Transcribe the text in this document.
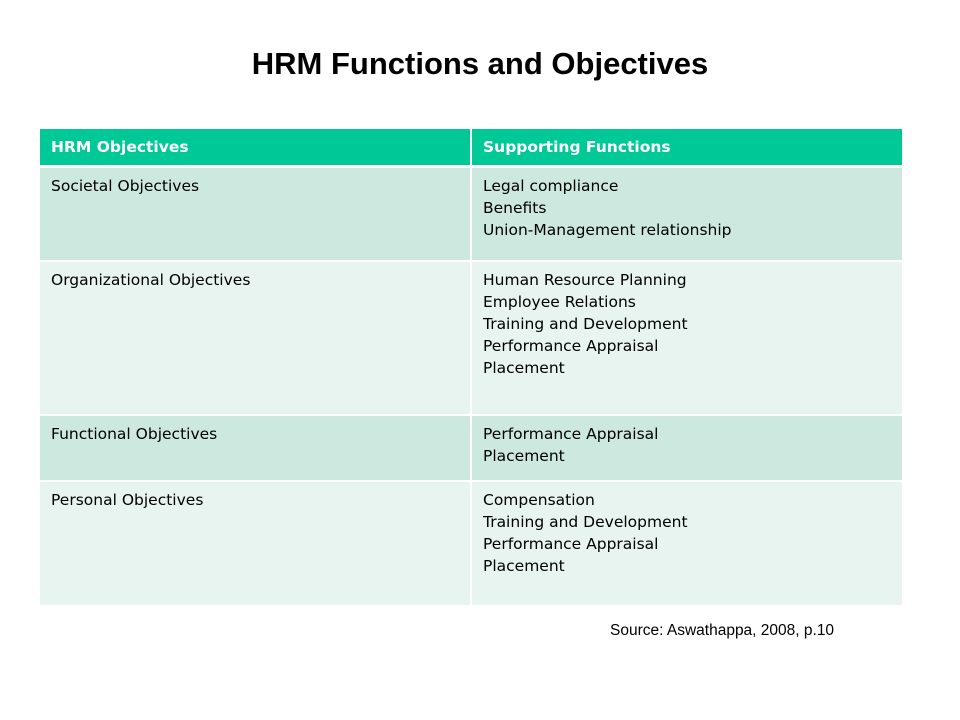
HRM Functions and Objectives
HRM Objectives	Supporting Functions

Societal Objectives	Legal compliance
Benefits
Union-Management relationship

Organizational Objectives	Human Resource Planning
Employee Relations
Training and Development
Performance Appraisal
Placement

Functional Objectives	Performance Appraisal
Placement

Personal Objectives	Compensation
Training and Development
Performance Appraisal
Placement
Source: Aswathappa, 2008, p.10
